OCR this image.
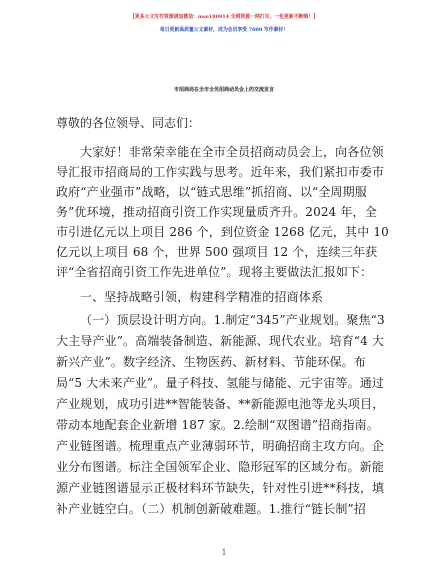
【更多公文写作资源请加微信：mse180914 全网资源一网打尽，一包更新不断哦！】
每日更新高质量公文素材，成为会员享受 7000 写作素材！
市招商局在全市全员招商动员会上的交流发言
尊敬的各位领导、同志们：
大家好！非常荣幸能在全市全员招商动员会上，向各位领
导汇报市招商局的工作实践与思考。近年来，我们紧扣市委市
政府“产业强市”战略，以“链式思维”抓招商、以“全周期服
务”优环境，推动招商引资工作实现量质齐升。2024 年，全
市引进亿元以上项目 286 个，到位资金 1268 亿元，其中 10
亿元以上项目 68 个，世界 500 强项目 12 个，连续三年获
评“全省招商引资工作先进单位”。现将主要做法汇报如下：
一、坚持战略引领，构建科学精准的招商体系
（一）顶层设计明方向。1.制定“345”产业规划。聚焦“3
大主导产业”。高端装备制造、新能源、现代农业。培育“4 大
新兴产业”。数字经济、生物医药、新材料、节能环保。布
局“5 大未来产业”。量子科技、氢能与储能、元宇宙等。通过
产业规划，成功引进**智能装备、**新能源电池等龙头项目，
带动本地配套企业新增 187 家。2.绘制“双图谱”招商指南。
产业链图谱。梳理重点产业薄弱环节，明确招商主攻方向。企
业分布图谱。标注全国领军企业、隐形冠军的区域分布。新能
源产业链图谱显示正极材料环节缺失，针对性引进**科技，填
补产业链空白。（二）机制创新破难题。1.推行“链长制”招
1
